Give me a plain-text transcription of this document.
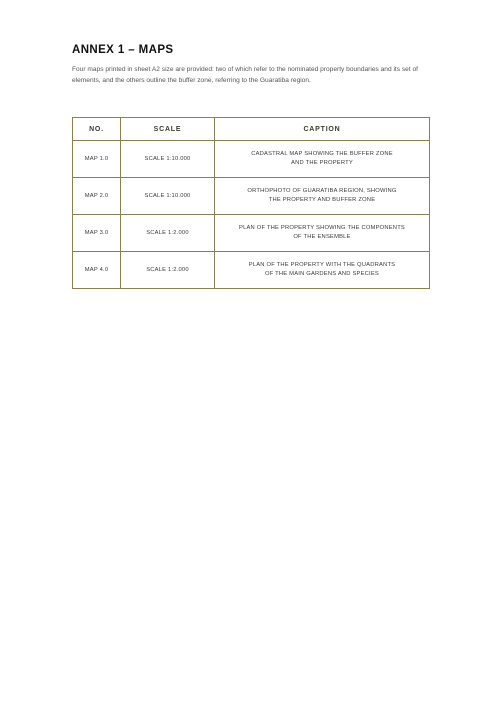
ANNEX 1 – MAPS
Four maps printed in sheet A2 size are provided: two of which refer to the nominated property boundaries and its set of elements, and the others outline the buffer zone, referring to the Guaratiba region.
NO.	SCALE	CAPTION
MAP 1.0	SCALE 1:10.000	CADASTRAL MAP SHOWING THE BUFFER ZONE
AND THE PROPERTY

MAP 2.0	SCALE 1:10.000	ORTHOPHOTO OF GUARATIBA REGION, SHOWING
THE PROPERTY AND BUFFER ZONE

MAP 3.0	SCALE 1:2.000	PLAN OF THE PROPERTY SHOWING THE COMPONENTS
OF THE ENSEMBLE

MAP 4.0	SCALE 1:2.000	PLAN OF THE PROPERTY WITH THE QUADRANTS
OF THE MAIN GARDENS AND SPECIES
